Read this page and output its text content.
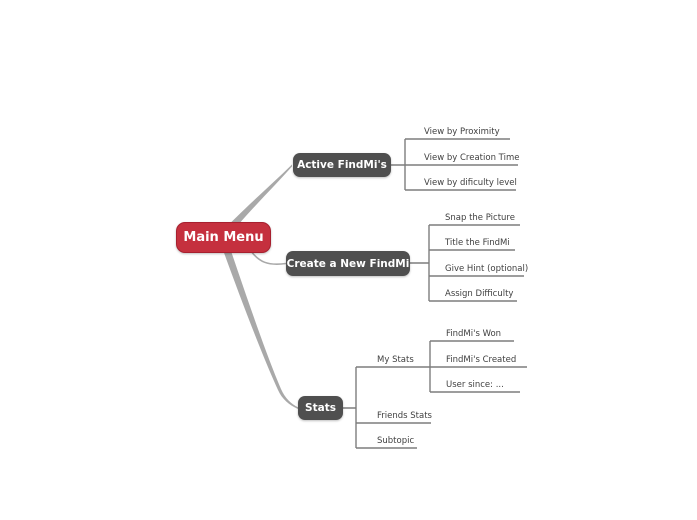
Main Menu
Active FindMi's
Create a New FindMi
Stats
View by Proximity
View by Creation Time
View by dificulty level
Snap the Picture
Title the FindMi
Give Hint (optional)
Assign Difficulty
My Stats
Friends Stats
Subtopic
FindMi's Won
FindMi's Created
User since: ...
